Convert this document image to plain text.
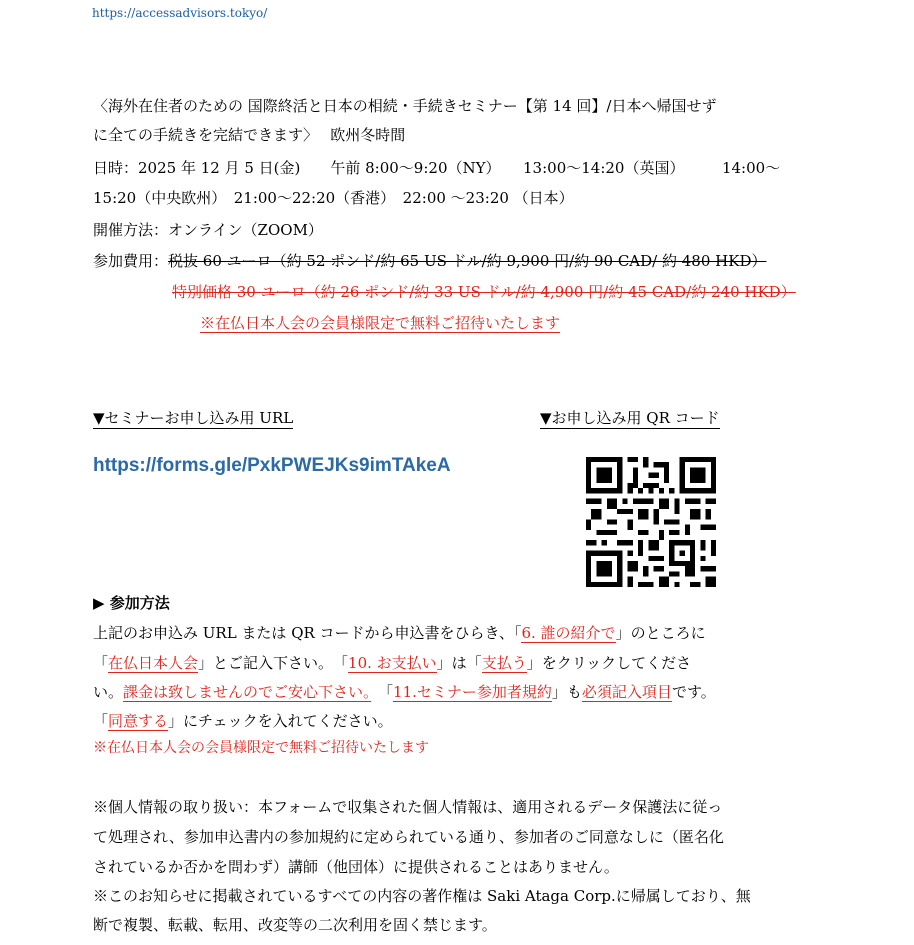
https://accessadvisors.tokyo/
〈海外在住者のための 国際終活と日本の相続・手続きセミナー【第 14 回】/日本へ帰国せず
に全ての手続きを完結できます〉　 欧州冬時間
日時：2025 年 12 月 5 日(金)　　午前 8:00〜9:20（NY）　　13:00〜14:20（英国）　　　14:00〜
15:20（中央欧州）　21:00〜22:20（香港）　22:00 〜23:20 （日本）
開催方法：オンライン（ZOOM）
参加費用：税抜 60 ユーロ（約 52 ポンド/約 65 US ドル/約 9,900 円/約 90 CAD/ 約 480 HKD）
特別価格 30 ユーロ（約 26 ポンド/約 33 US ドル/約 4,900 円/約 45 CAD/約 240 HKD）
※在仏日本人会の会員様限定で無料ご招待いたします
▼セミナーお申し込み用 URL	▼お申し込み用 QR コード
https://forms.gle/PxkPWEJKs9imTAkeA
▶ 参加方法
上記のお申込み URL または QR コードから申込書をひらき、「6. 誰の紹介で」のところに
「在仏日本人会」とご記入下さい。　「10. お支払い」は「支払う」をクリックしてくださ
い。課金は致しませんのでご安心下さい。　「11.セミナー参加者規約」も必須記入項目です。
「同意する」にチェックを入れてください。
※在仏日本人会の会員様限定で無料ご招待いたします
※個人情報の取り扱い：本フォームで収集された個人情報は、適用されるデータ保護法に従っ
て処理され、参加申込書内の参加規約に定められている通り、参加者のご同意なしに（匿名化
されているか否かを問わず）講師（他団体）に提供されることはありません。
※このお知らせに掲載されているすべての内容の著作権は Saki Ataga Corp.に帰属しており、無
断で複製、転載、転用、改変等の二次利用を固く禁じます。
